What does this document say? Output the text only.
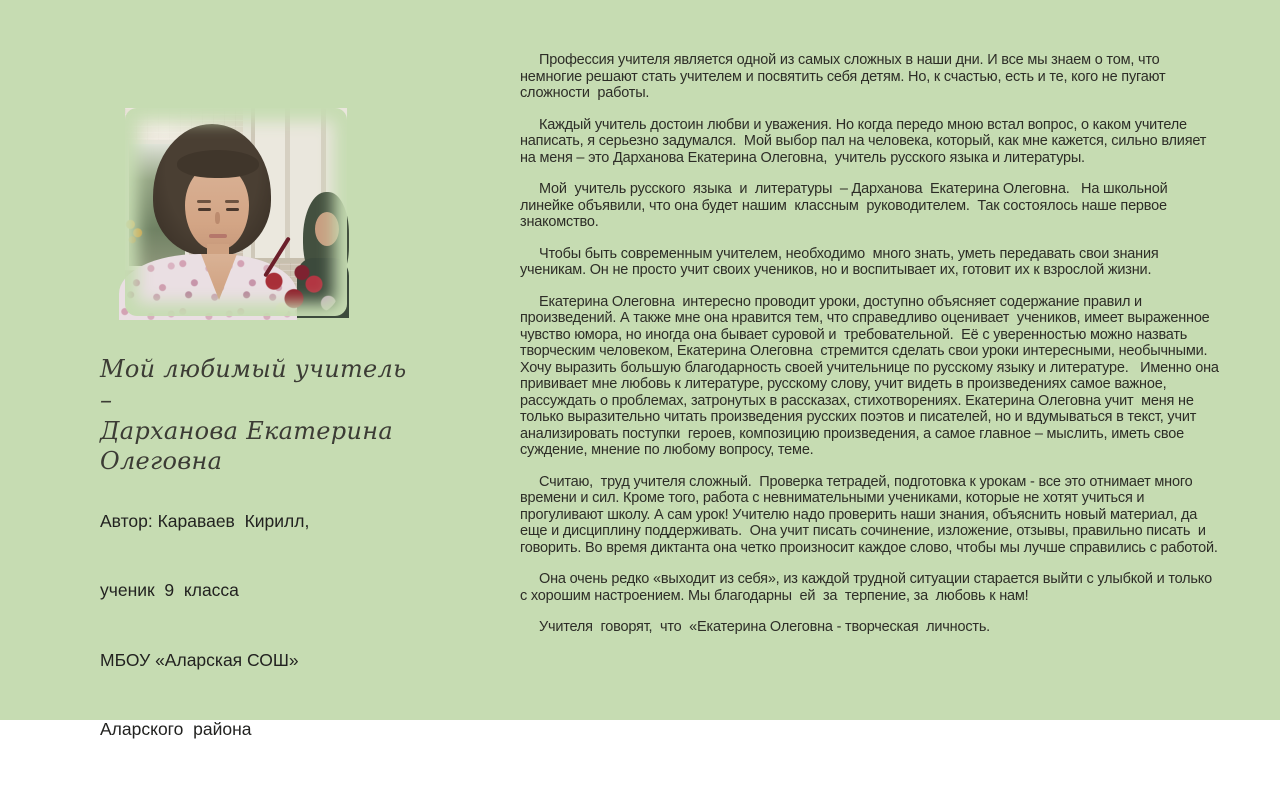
Мой любимый учитель –
Дарханова Екатерина
Олеговна

Автор: Караваев  Кирилл,

ученик  9  класса

МБОУ «Аларская СОШ»

Аларского  района

Профессия учителя является одной из самых сложных в наши дни. И все мы знаем о том, что немногие решают стать учителем и посвятить себя детям. Но, к счастью, есть и те, кого не пугают сложности  работы.

Каждый учитель достоин любви и уважения. Но когда передо мною встал вопрос, о каком учителе написать, я серьезно задумался.  Мой выбор пал на человека, который, как мне кажется, сильно влияет на меня – это Дарханова Екатерина Олеговна,  учитель русского языка и литературы.

Мой  учитель русского  языка  и  литературы  – Дарханова  Екатерина Олеговна.   На школьной линейке объявили, что она будет нашим  классным  руководителем.  Так состоялось наше первое знакомство.

Чтобы быть современным учителем, необходимо  много знать, уметь передавать свои знания ученикам. Он не просто учит своих учеников, но и воспитывает их, готовит их к взрослой жизни.

Екатерина Олеговна  интересно проводит уроки, доступно объясняет содержание правил и произведений. А также мне она нравится тем, что справедливо оценивает  учеников, имеет выраженное чувство юмора, но иногда она бывает суровой и  требовательной.  Её с уверенностью можно назвать творческим человеком, Екатерина Олеговна  стремится сделать свои уроки интересными, необычными. Хочу выразить большую благодарность своей учительнице по русскому языку и литературе.   Именно она прививает мне любовь к литературе, русскому слову, учит видеть в произведениях самое важное, рассуждать о проблемах, затронутых в рассказах, стихотворениях. Екатерина Олеговна учит  меня не только выразительно читать произведения русских поэтов и писателей, но и вдумываться в текст, учит анализировать поступки  героев, композицию произведения, а самое главное – мыслить, иметь свое суждение, мнение по любому вопросу, теме.

Считаю,  труд учителя сложный.  Проверка тетрадей, подготовка к урокам - все это отнимает много времени и сил. Кроме того, работа с невнимательными учениками, которые не хотят учиться и прогуливают школу. А сам урок! Учителю надо проверить наши знания, объяснить новый материал, да еще и дисциплину поддерживать.  Она учит писать сочинение, изложение, отзывы, правильно писать  и  говорить. Во время диктанта она четко произносит каждое слово, чтобы мы лучше справились с работой.

Она очень редко «выходит из себя», из каждой трудной ситуации старается выйти с улыбкой и только с хорошим настроением. Мы благодарны  ей  за  терпение, за  любовь к нам!

Учителя  говорят,  что  «Екатерина Олеговна - творческая  личность.
